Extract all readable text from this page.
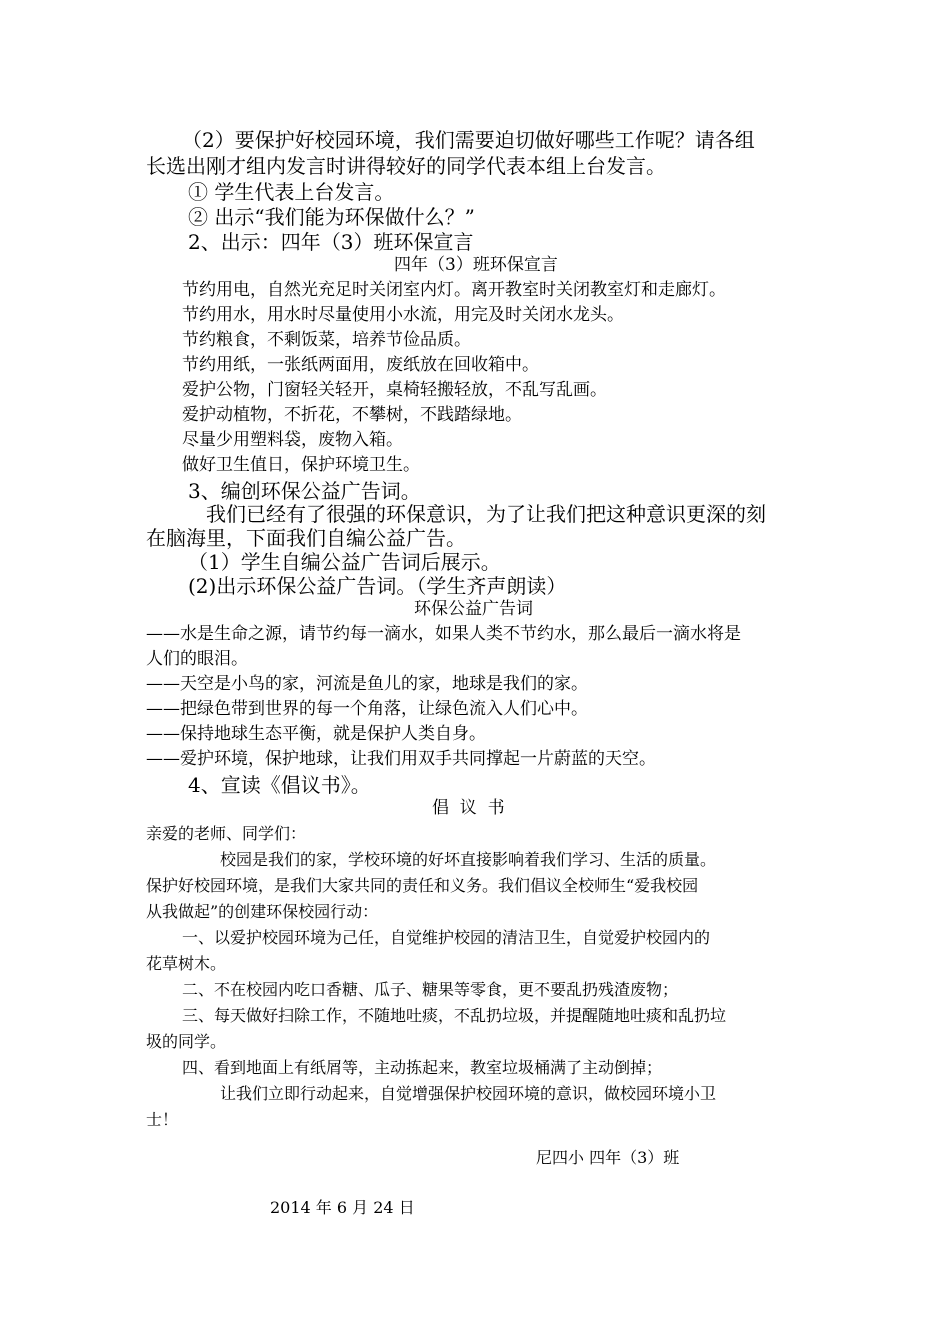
（2）要保护好校园环境，我们需要迫切做好哪些工作呢？请各组
长选出刚才组内发言时讲得较好的同学代表本组上台发言。
① 学生代表上台发言。
② 出示“我们能为环保做什么？”
2、出示：四年（3）班环保宣言
四年（3）班环保宣言
节约用电，自然光充足时关闭室内灯。离开教室时关闭教室灯和走廊灯。
节约用水，用水时尽量使用小水流，用完及时关闭水龙头。
节约粮食，不剩饭菜，培养节俭品质。
节约用纸，一张纸两面用，废纸放在回收箱中。
爱护公物，门窗轻关轻开，桌椅轻搬轻放，不乱写乱画。
爱护动植物，不折花，不攀树，不践踏绿地。
尽量少用塑料袋，废物入箱。
做好卫生值日，保护环境卫生。
3、编创环保公益广告词。
我们已经有了很强的环保意识，为了让我们把这种意识更深的刻
在脑海里，下面我们自编公益广告。
（1）学生自编公益广告词后展示。
(2)出示环保公益广告词。（学生齐声朗读）
环保公益广告词
——水是生命之源，请节约每一滴水，如果人类不节约水，那么最后一滴水将是
人们的眼泪。
——天空是小鸟的家，河流是鱼儿的家，地球是我们的家。
——把绿色带到世界的每一个角落，让绿色流入人们心中。
——保持地球生态平衡，就是保护人类自身。
——爱护环境，保护地球，让我们用双手共同撑起一片蔚蓝的天空。
4、宣读《倡议书》。
倡  议  书
亲爱的老师、同学们：
校园是我们的家，学校环境的好坏直接影响着我们学习、生活的质量。
保护好校园环境，是我们大家共同的责任和义务。我们倡议全校师生“爱我校园
从我做起”的创建环保校园行动：
一、以爱护校园环境为己任，自觉维护校园的清洁卫生，自觉爱护校园内的
花草树木。
二、不在校园内吃口香糖、瓜子、糖果等零食，更不要乱扔残渣废物；
三、每天做好扫除工作，不随地吐痰，不乱扔垃圾，并提醒随地吐痰和乱扔垃
圾的同学。
四、看到地面上有纸屑等，主动拣起来，教室垃圾桶满了主动倒掉；
让我们立即行动起来，自觉增强保护校园环境的意识，做校园环境小卫
士！
尼四小 四年（3）班
2014 年 6 月 24 日
